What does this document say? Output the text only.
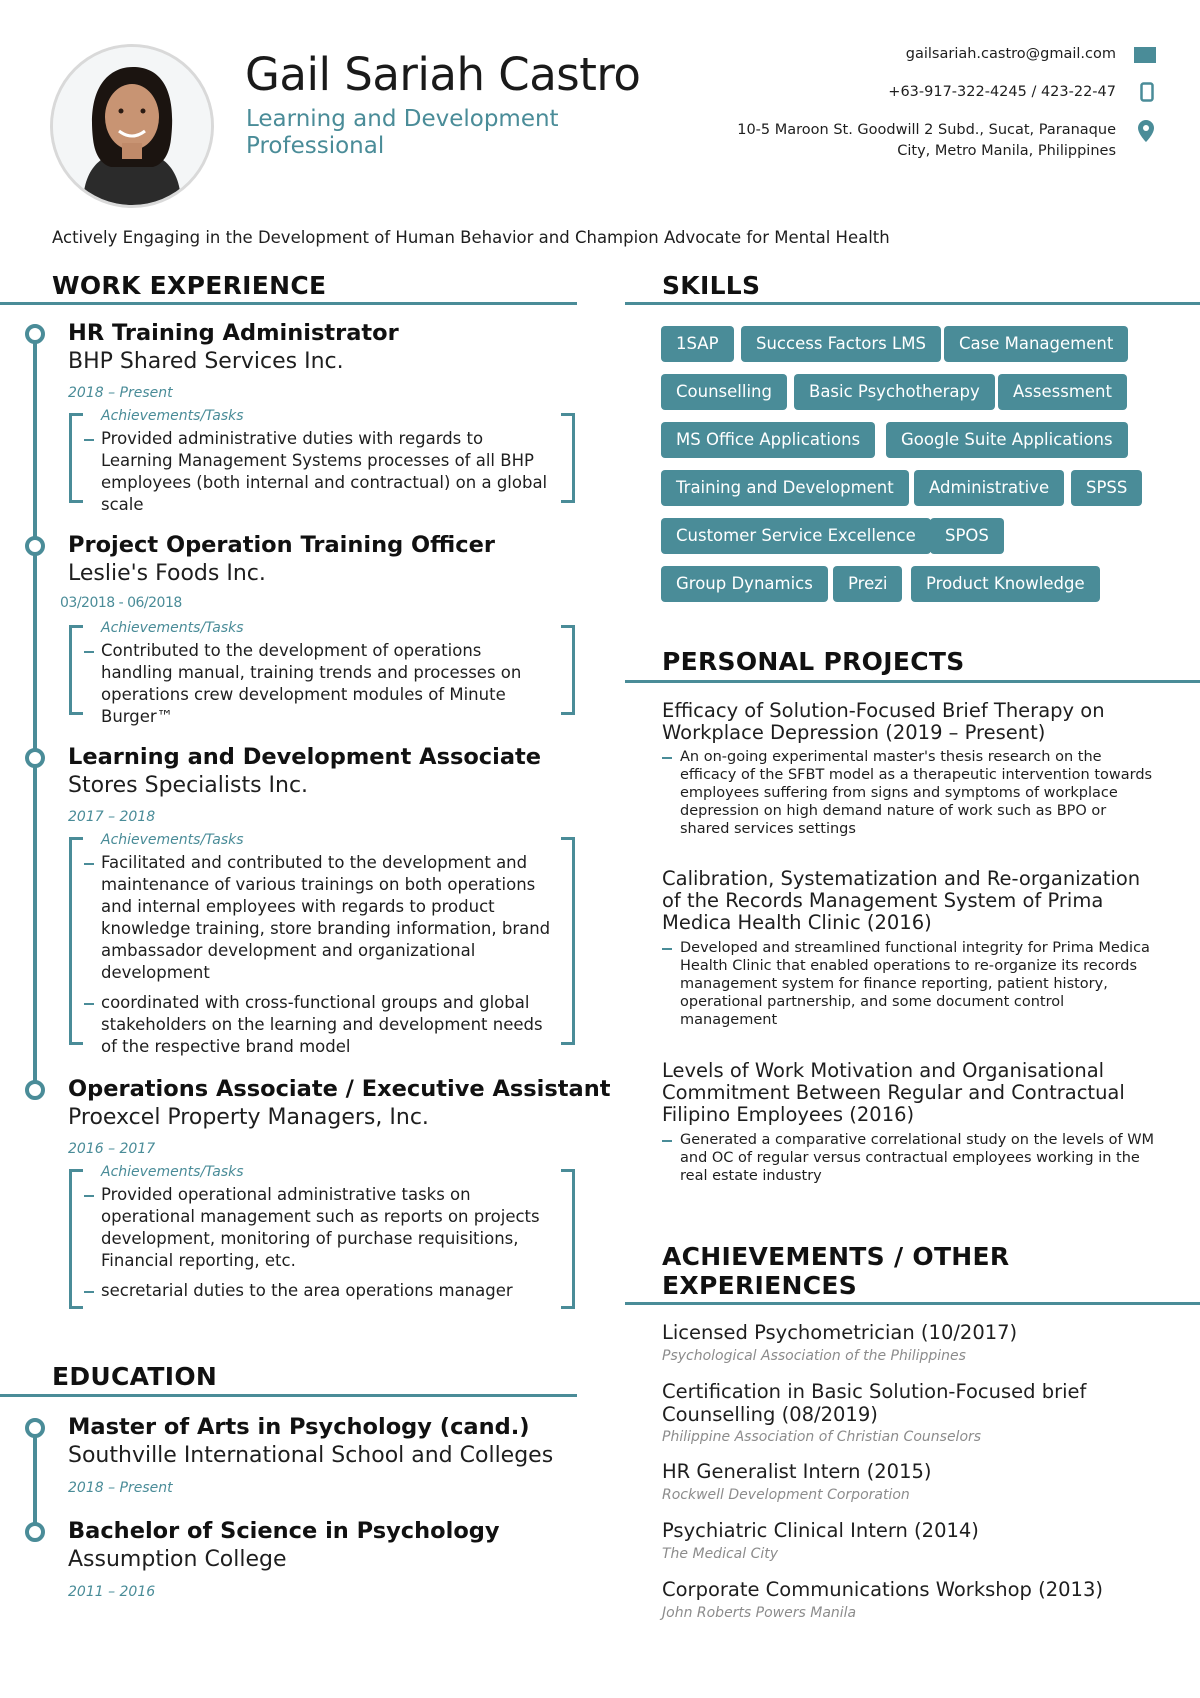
Gail Sariah Castro
Learning and Development Professional
gailsariah.castro@gmail.com
+63-917-322-4245 / 423-22-47
10-5 Maroon St. Goodwill 2 Subd., Sucat, Paranaque
City, Metro Manila, Philippines
Actively Engaging in the Development of Human Behavior and Champion Advocate for Mental Health
WORK EXPERIENCE
HR Training Administrator
BHP Shared Services Inc.
2018 – Present
Achievements/Tasks
Provided administrative duties with regards to Learning Management Systems processes of all BHP employees (both internal and contractual) on a global scale
Project Operation Training Officer
Leslie's Foods Inc.
03/2018 - 06/2018
Achievements/Tasks
Contributed to the development of operations handling manual, training trends and processes on operations crew development modules of Minute Burger™
Learning and Development Associate
Stores Specialists Inc.
2017 – 2018
Achievements/Tasks
Facilitated and contributed to the development and maintenance of various trainings on both operations and internal employees with regards to product knowledge training, store branding information, brand ambassador development and organizational development
coordinated with cross-functional groups and global stakeholders on the learning and development needs of the respective brand model
Operations Associate / Executive Assistant
Proexcel Property Managers, Inc.
2016 – 2017
Achievements/Tasks
Provided operational administrative tasks on operational management such as reports on projects development, monitoring of purchase requisitions, Financial reporting, etc.
secretarial duties to the area operations manager
EDUCATION
Master of Arts in Psychology (cand.)
Southville International School and Colleges
2018 – Present
Bachelor of Science in Psychology
Assumption College
2011 – 2016
SKILLS
1SAP	Success Factors LMS	Case Management
Counselling	Basic Psychotherapy	Assessment
MS Office Applications	Google Suite Applications
Training and Development	Administrative	SPSS
Customer Service Excellence	SPOS
Group Dynamics	Prezi	Product Knowledge
PERSONAL PROJECTS
Efficacy of Solution-Focused Brief Therapy on Workplace Depression (2019 – Present)
An on-going experimental master's thesis research on the efficacy of the SFBT model as a therapeutic intervention towards employees suffering from signs and symptoms of workplace depression on high demand nature of work such as BPO or shared services settings
Calibration, Systematization and Re-organization of the Records Management System of Prima Medica Health Clinic (2016)
Developed and streamlined functional integrity for Prima Medica Health Clinic that enabled operations to re-organize its records management system for finance reporting, patient history, operational partnership, and some document control management
Levels of Work Motivation and Organisational Commitment Between Regular and Contractual Filipino Employees (2016)
Generated a comparative correlational study on the levels of WM and OC of regular versus contractual employees working in the real estate industry
ACHIEVEMENTS / OTHER
EXPERIENCES
Licensed Psychometrician (10/2017)
Psychological Association of the Philippines
Certification in Basic Solution-Focused brief Counselling (08/2019)
Philippine Association of Christian Counselors
HR Generalist Intern (2015)
Rockwell Development Corporation
Psychiatric Clinical Intern (2014)
The Medical City
Corporate Communications Workshop (2013)
John Roberts Powers Manila
